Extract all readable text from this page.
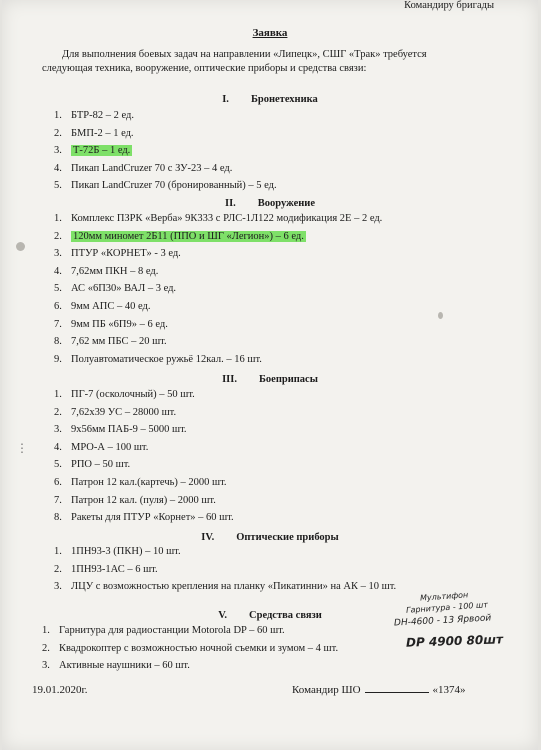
Командиру бригады
Заявка
Для выполнения боевых задач на направлении «Липецк», СШГ «Трак» требуется следующая техника, вооружение, оптические приборы и средства связи:
I. Бронетехника
1. БТР-82 – 2 ед.
2. БМП-2 – 1 ед.
3. Т-72Б – 1 ед.
4. Пикап LandCruzer 70 с ЗУ-23 – 4 ед.
5. Пикап LandCruzer 70 (бронированный) – 5 ед.
II. Вооружение
1. Комплекс ПЗРК «Верба» 9К333 с РЛС-1Л122 модификация 2Е – 2 ед.
2. 120мм миномет 2Б11 (ППО и ШГ «Легион») – 6 ед.
3. ПТУР «КОРНЕТ» - 3 ед.
4. 7,62мм ПКН – 8 ед.
5. АС «6П30» ВАЛ – 3 ед.
6. 9мм АПС – 40 ед.
7. 9мм ПБ «6П9» – 6 ед.
8. 7,62 мм ПБС – 20 шт.
9. Полуавтоматическое ружьё 12кал. – 16 шт.
III. Боеприпасы
1. ПГ-7 (осколочный) – 50 шт.
2. 7,62х39 УС – 28000 шт.
3. 9х56мм ПАБ-9 – 5000 шт.
4. МРО-А – 100 шт.
5. РПО – 50 шт.
6. Патрон 12 кал.(картечь) – 2000 шт.
7. Патрон 12 кал. (пуля) – 2000 шт.
8. Ракеты для ПТУР «Корнет» – 60 шт.
IV. Оптические приборы
1. 1ПН93-3 (ПКН) – 10 шт.
2. 1ПН93-1АС – 6 шт.
3. ЛЦУ с возможностью крепления на планку «Пикатинни» на АК – 10 шт.
V. Средства связи
1. Гарнитура для радиостанции Motorola DP – 60 шт.
2. Квадрокоптер с возможностью ночной съемки и зумом – 4 шт.
3. Активные наушники – 60 шт.
Мультифон
Гарнитура - 100 шт
DH-4600 - 13 Ярвоой
DP 4900 80шт
19.01.2020г.	Командир ШО	«1374»
⋮
